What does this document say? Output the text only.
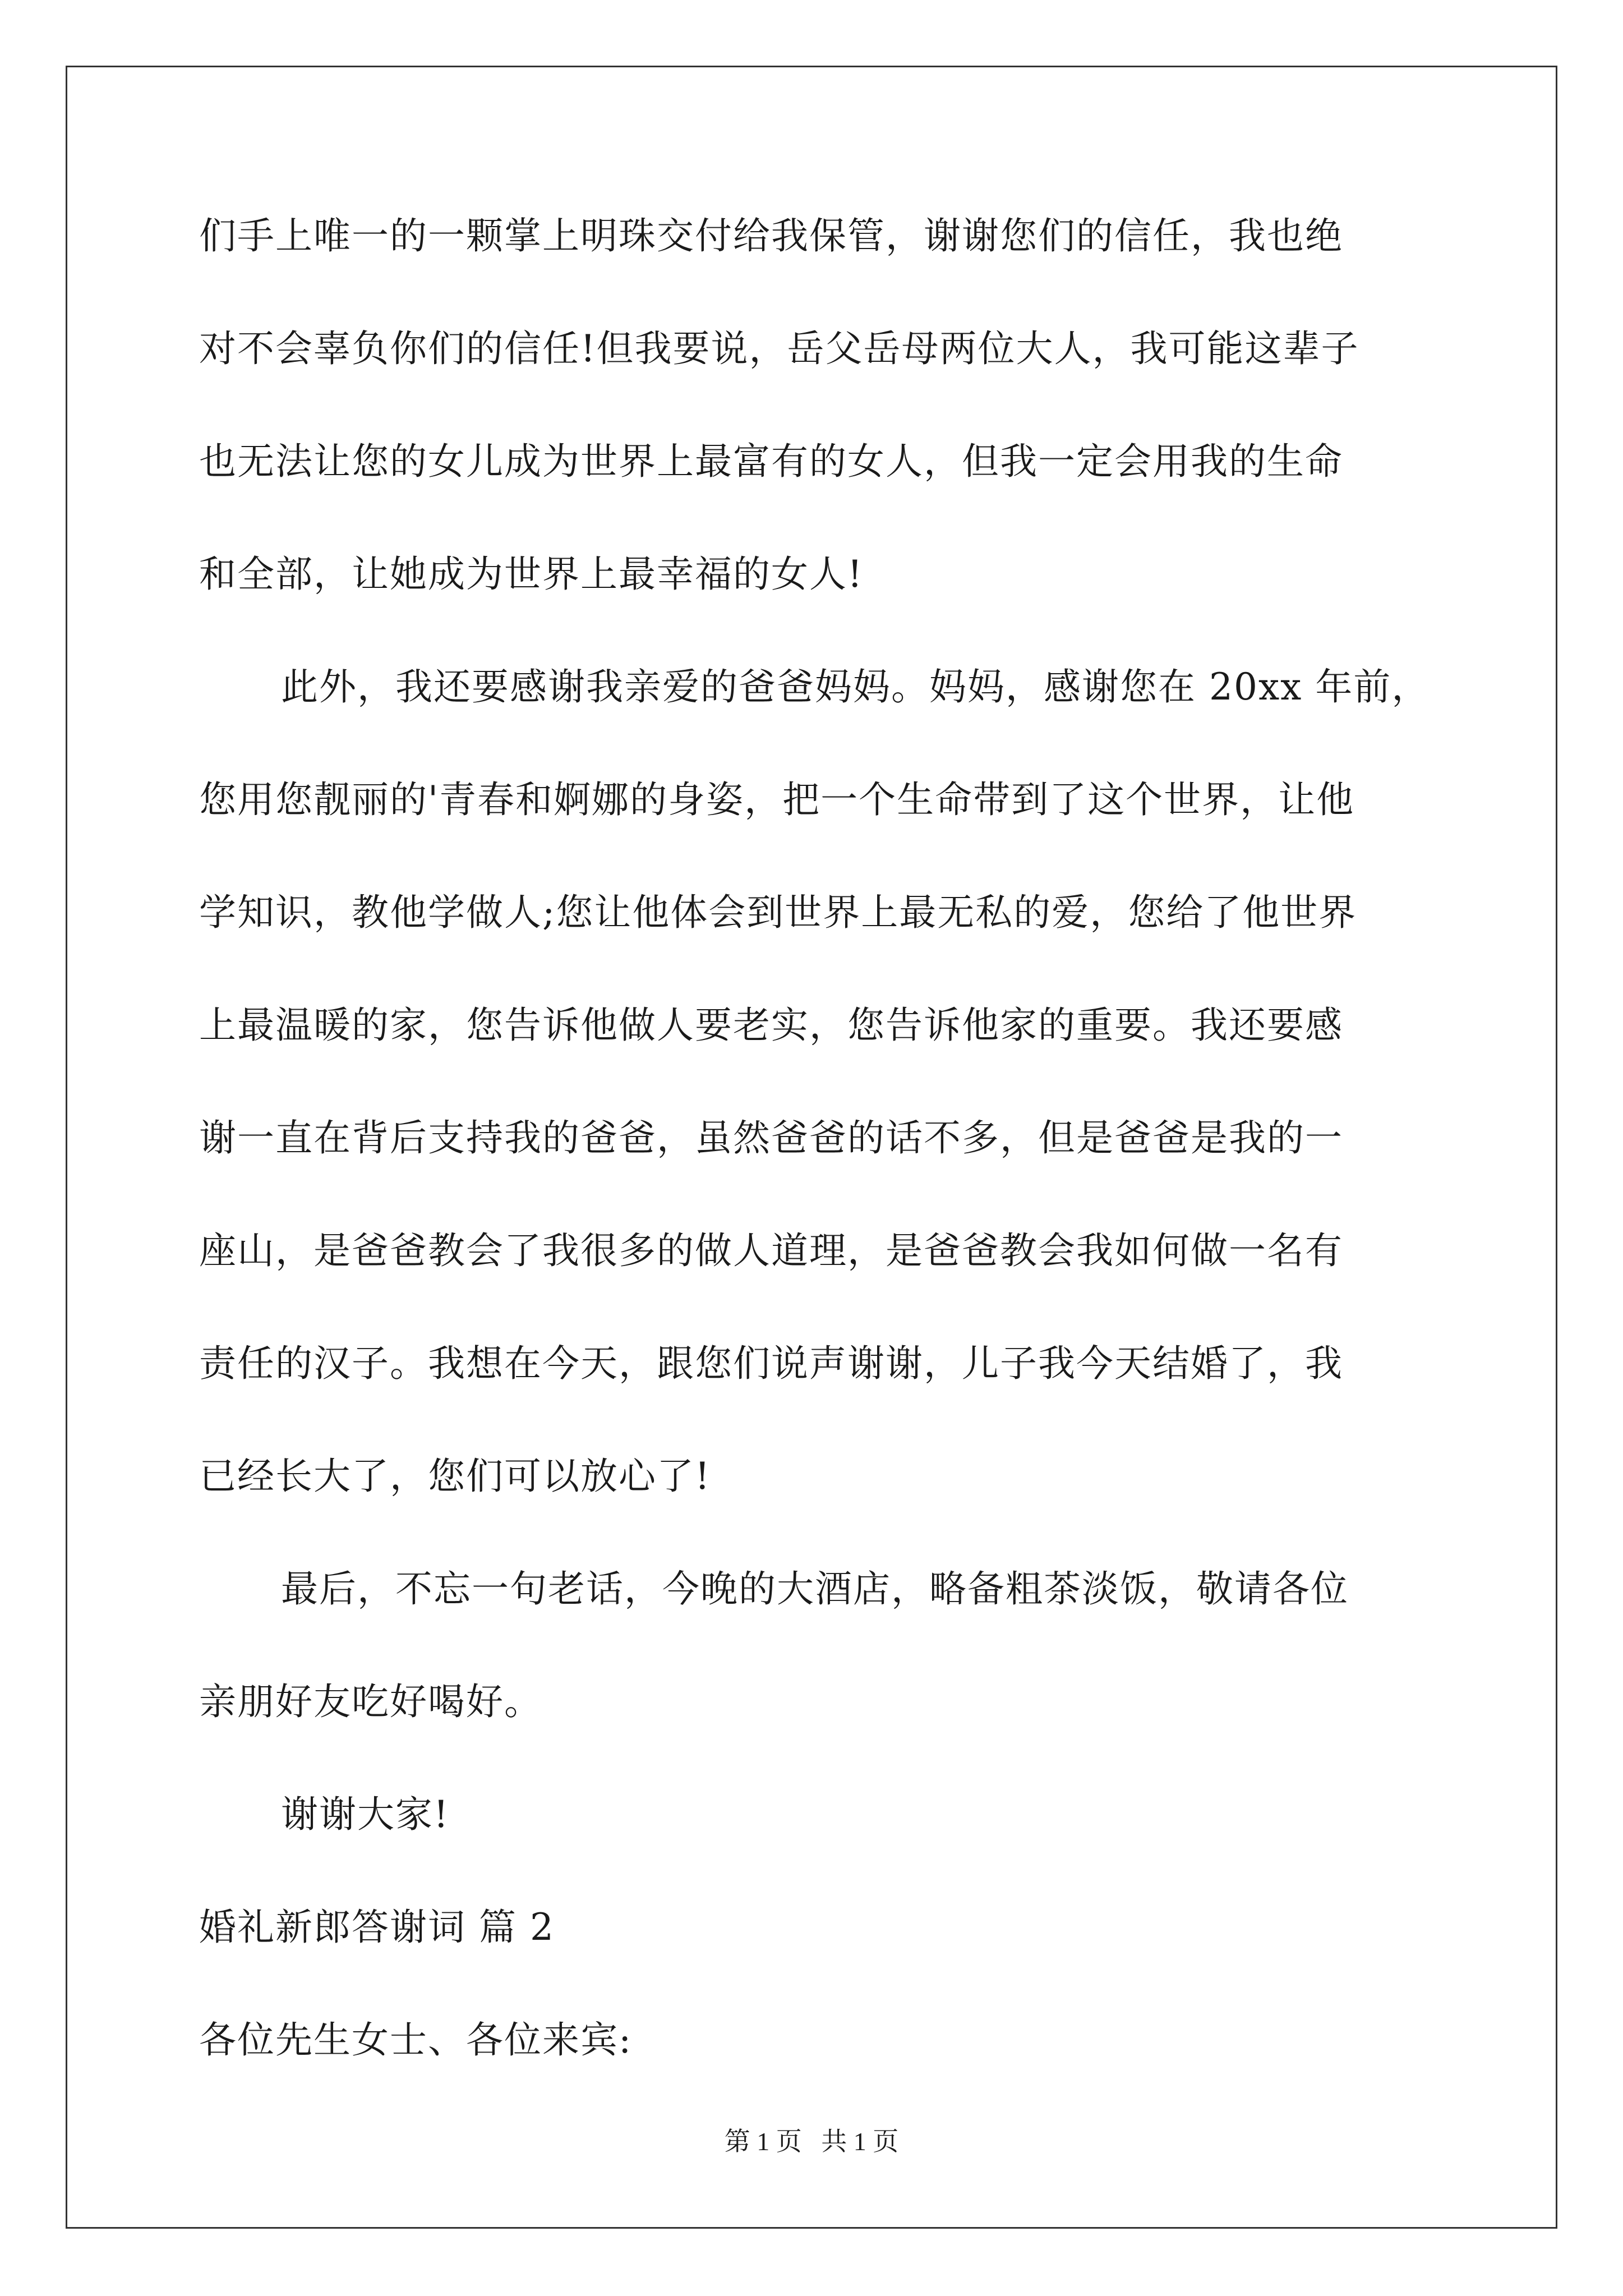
们手上唯一的一颗掌上明珠交付给我保管，谢谢您们的信任，我也绝
对不会辜负你们的信任!但我要说，岳父岳母两位大人，我可能这辈子
也无法让您的女儿成为世界上最富有的女人，但我一定会用我的生命
和全部，让她成为世界上最幸福的女人!
此外，我还要感谢我亲爱的爸爸妈妈。妈妈，感谢您在 20xx 年前，
您用您靓丽的'青春和婀娜的身姿，把一个生命带到了这个世界，让他
学知识，教他学做人;您让他体会到世界上最无私的爱，您给了他世界
上最温暖的家，您告诉他做人要老实，您告诉他家的重要。我还要感
谢一直在背后支持我的爸爸，虽然爸爸的话不多，但是爸爸是我的一
座山，是爸爸教会了我很多的做人道理，是爸爸教会我如何做一名有
责任的汉子。我想在今天，跟您们说声谢谢，儿子我今天结婚了，我
已经长大了，您们可以放心了!
最后，不忘一句老话，今晚的大酒店，略备粗茶淡饭，敬请各位
亲朋好友吃好喝好。
谢谢大家!
婚礼新郎答谢词 篇 2
各位先生女士、各位来宾:
第 1 页   共 1 页
